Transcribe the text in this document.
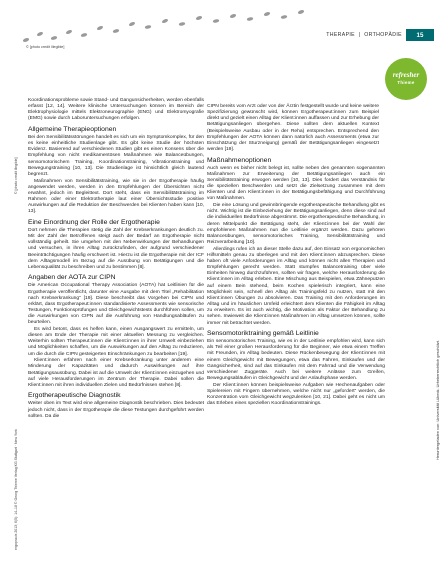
© [photo credit illegible]
THERAPIE | ORTHOPÄDIE	15
refresher
Thieme
© [photo credit illegible]
ergopraxis 2013; 6(5): 14–18 © Georg Thieme Verlag KG Stuttgart · New York
Heruntergeladen von: Universität Lübeck. Urheberrechtlich geschützt.

Koordinationsprobleme sowie Stand- und Gangunsicherheiten, werden ebenfalls erfasst [12, 14]. Weitere klinische Untersuchungen können im Bereich der Elektrophysiologie mittels Elektroneurographie (ENG) und Elektromyografie (EMG) sowie durch Laboruntersuchungen erfolgen.

Allgemeine Therapieoptionen

Bei den Sensibilitätsstörungen handelt es sich um ein Symptomkomplex, für den es keine einheitliche Studienlage gibt. Es gibt keine Studie der höchsten Evidenz. Basierend auf verschiedenen Studien gibt es einen Konsens über die Empfehlung von nicht medikamentösen Maßnahmen wie Balanceübungen, sensomotorischem Training, Koordinationstraining, Vibrationstraining und Bewegungstraining [10, 13]. Die Studienlage ist hinsichtlich gleich lautend begrenzt.

Maßnahmen von Sensibilitätstraining, wie sie in der Ergotherapie häufig angewendet werden, werden in den Empfehlungen der Übersichten nicht erwähnt, jedoch im Begleittext. Dort steht, dass ein Sensibilitätstraining im Rahmen oder einer Elektrotherapie laut einer Übersichtsstudie positive Auswirkungen auf die Reduktion der Beschwerden bei Klienten haben kann [10, 13].

Eine Einordnung der Rolle der Ergotherapie

Dort nehmen die Therapien stetig die Zahl der Krebserkrankungen deutlich zu. Mit der Zahl der Betroffenen steigt auch der Bedarf an Ergotherapie nicht vollständig geheilt. Sie umgehen mit den Nebenwirkungen der Behandlungen und versuchen, in ihren Alltag zurückzufinden, der aufgrund verschiedener Beeinträchtigungen häufig erschwert ist. Hierzu ist die Ergotherapie mit der ICF dem Alltagsmodell im Bezug auf die Ausübung von Betätigungen und die Lebensqualität zu beschreiben und zu bestimmen [8].

Angaben der AOTA zur CIPN

Die American Occupational Therapy Association (AOTA) hat Leitlinien für die Ergotherapie veröffentlicht, darunter eine Ausgabe mit dem Titel „Rehabilitation nach Krebserkrankung“ [19]. Diese beschreibt das Vorgehen bei CIPN und erklärt, dass Ergotherapeut:innen standardisierte Assessments wie sensorische Testungen, Funktionsprüfungen und Gleichgewichtstests durchführen sollen, um die Auswirkungen von CIPN auf die Ausführung von Handlungsabläufen zu beurteilen.

Es wird betont, dass es helfen kann, einen Ausgangswert zu ermitteln, um diesen am Ende der Therapie mit einer aktuellen Messung zu vergleichen. Weiterhin sollten Therapeut:innen die Klient:innen in ihrer Umwelt einbeziehen und Möglichkeiten schaffen, um die Auswirkungen auf den Alltag zu reduzieren, um die durch die CIPN gesteigerten Einschränkungen zu bearbeiten [19].

Klient:innen erfahren nach einer Krebserkrankung unter anderem eine Minderung der Kapazitäten und dadurch Auswirkungen auf ihre Betätigungsausübung. Dabei ist auf die Umwelt der Klient:innen einzugehen und auf viele Herausforderungen im Zentrum der Therapie. Dabei sollen die Klient:innen mit ihren individuellen Zielen und Bedürfnissen stehen [8].

Ergotherapeutische Diagnostik

Weiter oben im Text wird eine allgemeine Diagnostik beschrieben. Dies bedeutet jedoch nicht, dass in der Ergotherapie die diese Testungen durchgeführt werden sollten. Da die

CIPN bereits vom Arzt oder von der Ärztin festgestellt wurde und keine weitere Spezifizierung gewünscht wird, können Ergotherapeut:innen zum Beispiel direkt und gezielt einen Alltag der Klient:innen auffassen und zur Erhebung der Betätigungsanliegen übergehen. Diese sollten dem aktuellen Kontext (Beispielsweise Ausbau oder in der Reha) entsprechen. Entsprechend den Empfehlungen der AOTA können dann natürlich auch Assessments (etwa zur Einschätzung der Sturzneigung) gemäß der Betätigungsanliegen eingesetzt werden [19].

Maßnahmenoptionen

Auch wenn es bisher nicht belegt ist, sollte neben den genannten sogenannten Maßnahmen zur Erweiterung der Betätigungsanliegen auch ein Sensibilitätstraining erwogen werden [10, 13]. Dies fordert das Verständnis für die speziellen Beschwerden und setzt die Zielsetzung zusammen mit dem Klienten und den Klient:innen in der Betätigungsbefähigung und Durchführung von Maßnahmen.

Die eine Lösung und gewinnbringende ergotherapeutische Behandlung gibt es nicht. Wichtig ist die Einbeziehung der Betätigungsanliegen, denn diese sind auf die individuellen Bedürfnisse abgestimmt. Die ergotherapeutische Behandlung, in deren Mittelpunkt die Betätigung steht, der Klient:innen bei der Wahl der empfohlenen Maßnahmen nun die Leitlinie ergänzt werden. Dazu gehören Balanceübungen, sensomotorisches Training, Sensibilitätstraining und Reizverarbeitung [10].

Allerdings rufen ich an dieser Stelle dazu auf, den Einsatz von ergonomischen Hilfsmitteln genau zu überlegen und mit den Klient:innen abzusprechen. Diese haben oft viele Anforderungen im Alltag und können nicht allen Therapien und Empfehlungen gerecht werden. Statt stumpfes Balancetraining über viele Einheiten hinweg durchzuführen, sollten wir fragen, welche Herausforderung die Klient:innen im Alltag erleben. Eine Mischung aus Beispielen, etwa Zähneputzen auf einem Bein stehend, beim Kochen spielerisch integriert, kann eine Möglichkeit sein, schnell den Alltag als Trainingsfeld zu nutzen, statt mit den Klient:innen Übungen zu absolvieren. Das Training mit den Anforderungen im Alltag und im häuslichen Umfeld erleichtert dem Klienten die Fähigkeit im Alltag zu erweitern. Es ist auch wichtig, die Motivation als Faktor der Behandlung zu sehen. Inwieweit die Klient:innen Maßnahmen im Alltag umsetzen können, sollte immer mit betrachtet werden.

Sensomotoriktraining gemäß Leitlinie

Ein sensomotorisches Training, wie es in der Leitlinie empfohlen wird, kann sich als Teil einer großen Herausforderung für die Beginner, wie etwa einem Treffen mit Freunden, im Alltag bedeuten. Diese Rückenbewegung der Klient:innen mit einem Gleichgewicht mit Bewegungen, etwa das Fahren, Einkaufen und der Gangsicherheit, sind auf das Einkaufen mit dem Fahrrad und die Verwendung verschiedener Zuggeräte. Auch bei weitere Anlässe zum Greifen, Bewegungsabläufen in Gleichgewicht und der Anlaufsphase werden.

Der Klient:innen können beispielsweise Aufgaben wie Hechenaufgaben oder Spielereien mit Fingern übernehmen, welche nicht nur „gefordert“ werden, die Konzentration vom Gleichgewicht wegzulenken [10, 21]. Dabei geht es nicht um das Erleben eines speziellen Koordinationstrainings.
